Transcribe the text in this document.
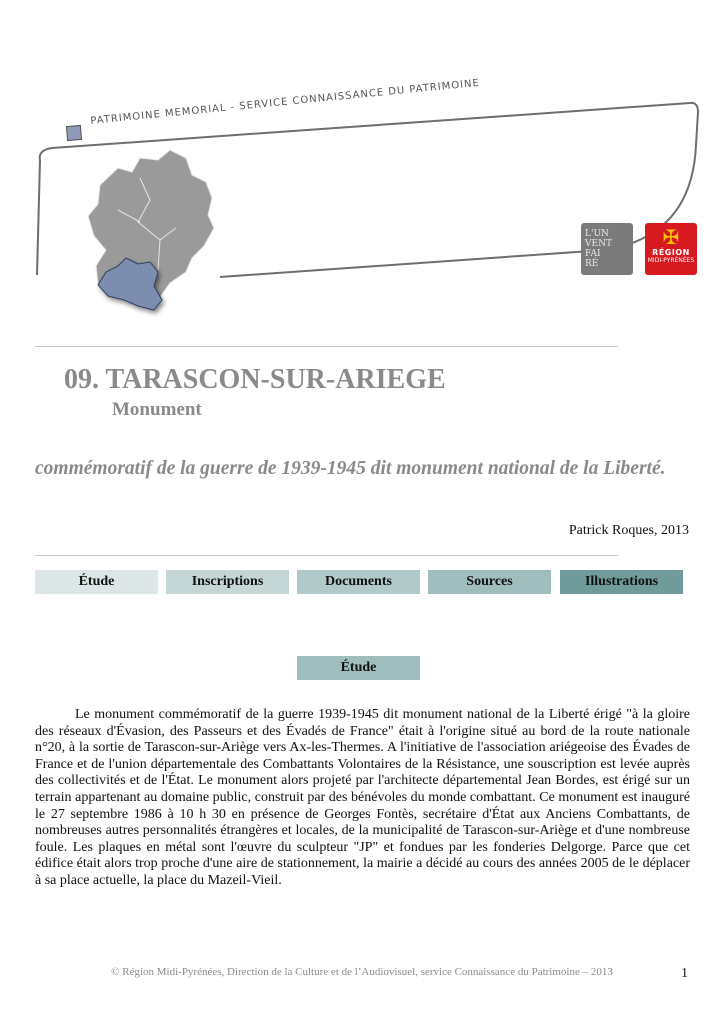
PATRIMOINE MEMORIAL - SERVICE CONNAISSANCE DU PATRIMOINE
L'UN
VENT
FAI
RÉ
✠
RÉGION
MIDI-PYRÉNÉES
09. TARASCON-SUR-ARIEGE
Monument
commémoratif de la guerre de 1939-1945 dit monument national de la Liberté.
Patrick Roques, 2013
Étude	Inscriptions	Documents	Sources	Illustrations
Étude
Le monument commémoratif de la guerre 1939-1945 dit monument national de la Liberté érigé "à la gloire des réseaux d'Évasion, des Passeurs et des Évadés de France" était à l'origine situé au bord de la route nationale n°20, à la sortie de Tarascon-sur-Ariège vers Ax-les-Thermes. A l'initiative de l'association ariégeoise des Évades de France et de l'union départementale des Combattants Volontaires de la Résistance, une souscription est levée auprès des collectivités et de l'État. Le monument alors projeté par l'architecte départemental Jean Bordes, est érigé sur un terrain appartenant au domaine public, construit par des bénévoles du monde combattant. Ce monument est inauguré le 27 septembre 1986 à 10 h 30 en présence de Georges Fontès, secrétaire d'État aux Anciens Combattants, de nombreuses autres personnalités étrangères et locales, de la municipalité de Tarascon-sur-Ariège et d'une nombreuse foule. Les plaques en métal sont l'œuvre du sculpteur "JP" et fondues par les fonderies Delgorge. Parce que cet édifice était alors trop proche d'une aire de stationnement, la mairie a décidé au cours des années 2005 de le déplacer à sa place actuelle, la place du Mazeil-Vieil.
© Région Midi-Pyrénées, Direction de la Culture et de l’Audiovisuel, service Connaissance du Patrimoine – 2013	1
